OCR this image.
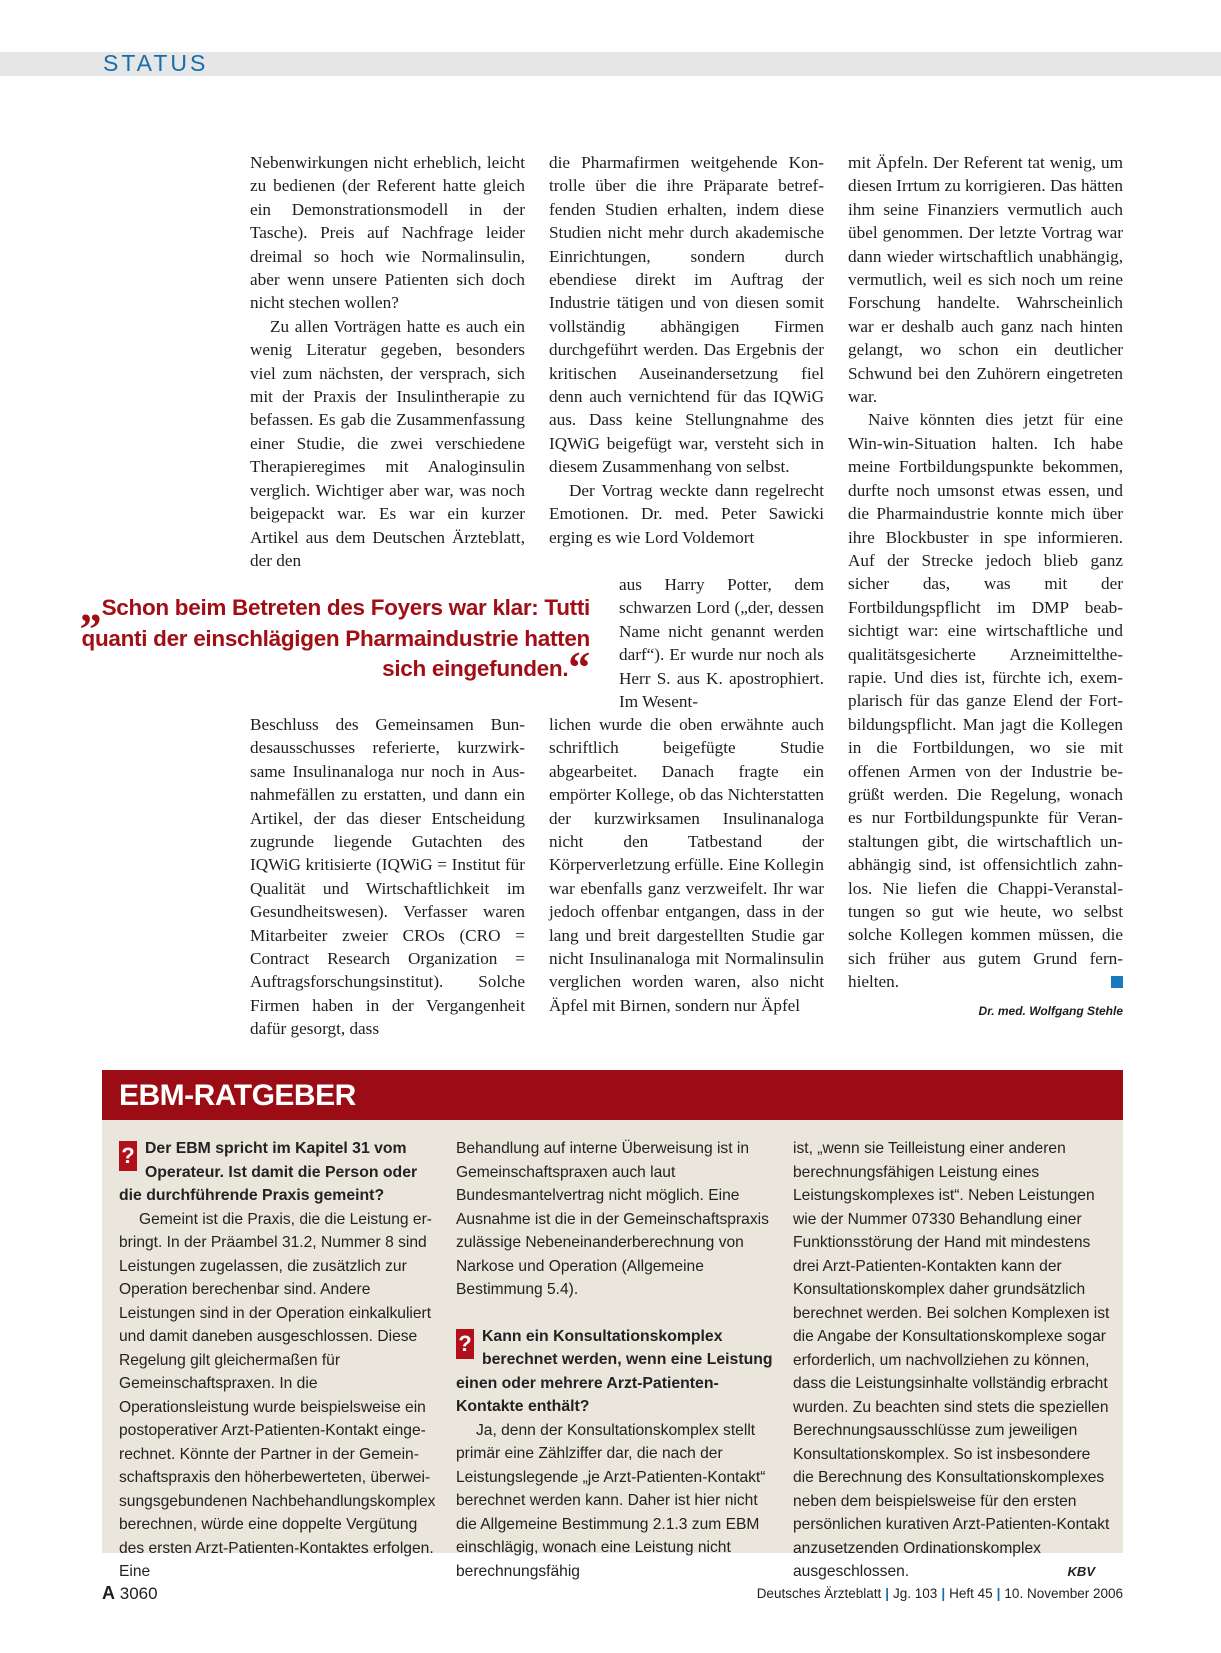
STATUS

Nebenwirkungen nicht erheblich, leicht zu bedienen (der Referent hatte gleich ein Demonstrationsmodell in der Tasche). Preis auf Nachfrage leider dreimal so hoch wie Normalinsulin, aber wenn unsere Patienten sich doch nicht stechen wollen?

Zu allen Vorträgen hatte es auch ein wenig Literatur gegeben, besonders viel zum nächsten, der versprach, sich mit der Praxis der Insulintherapie zu befassen. Es gab die Zusammenfassung einer Studie, die zwei verschiedene Therapieregimes mit Analoginsulin verglich. Wichtiger aber war, was noch beigepackt war. Es war ein kurzer Artikel aus dem Deutschen Ärzteblatt, der den

Beschluss des Gemeinsamen Bundesausschusses referierte, kurzwirksame Insulinanaloga nur noch in Ausnahmefällen zu erstatten, und dann ein Artikel, der das dieser Entscheidung zugrunde liegende Gutachten des IQWiG kritisierte (IQWiG = Institut für Qualität und Wirtschaftlichkeit im Gesundheitswesen). Verfasser waren Mitarbeiter zweier CROs (CRO = Contract Research Organization = Auftragsforschungsinstitut). Solche Firmen haben in der Vergangenheit dafür gesorgt, dass

die Pharmafirmen weitgehende Kontrolle über die ihre Präparate betreffenden Studien erhalten, indem diese Studien nicht mehr durch akademische Einrichtungen, sondern durch ebendiese direkt im Auftrag der Industrie tätigen und von diesen somit vollständig abhängigen Firmen durchgeführt werden. Das Ergebnis der kritischen Auseinandersetzung fiel denn auch vernichtend für das IQWiG aus. Dass keine Stellungnahme des IQWiG beigefügt war, versteht sich in diesem Zusammenhang von selbst.

Der Vortrag weckte dann regelrecht Emotionen. Dr. med. Peter Sawicki erging es wie Lord Voldemort

aus Harry Potter, dem schwarzen Lord („der, dessen Name nicht genannt werden darf“). Er wurde nur noch als Herr S. aus K. apostrophiert. Im Wesent-

lichen wurde die oben erwähnte auch schriftlich beigefügte Studie abgearbeitet. Danach fragte ein empörter Kollege, ob das Nichterstatten der kurzwirksamen Insulinanaloga nicht den Tatbestand der Körperverletzung erfülle. Eine Kollegin war ebenfalls ganz verzweifelt. Ihr war jedoch offenbar entgangen, dass in der lang und breit dargestellten Studie gar nicht Insulinanaloga mit Normalinsulin verglichen worden waren, also nicht Äpfel mit Birnen, sondern nur Äpfel

mit Äpfeln. Der Referent tat wenig, um diesen Irrtum zu korrigieren. Das hätten ihm seine Finanziers vermutlich auch übel genommen. Der letzte Vortrag war dann wieder wirtschaftlich unabhängig, vermutlich, weil es sich noch um reine Forschung handelte. Wahrscheinlich war er deshalb auch ganz nach hinten gelangt, wo schon ein deutlicher Schwund bei den Zuhörern eingetreten war.

Naive könnten dies jetzt für eine Win-win-Situation halten. Ich habe meine Fortbildungspunkte bekommen, durfte noch umsonst etwas essen, und die Pharmaindustrie konnte mich über ihre Blockbuster in spe informieren. Auf der Strecke jedoch blieb ganz sicher das, was mit der Fortbildungspflicht im DMP beabsichtigt war: eine wirtschaftliche und qualitätsgesicherte Arzneimitteltherapie. Und dies ist, fürchte ich, exemplarisch für das ganze Elend der Fortbildungspflicht. Man jagt die Kollegen in die Fortbildungen, wo sie mit offenen Armen von der Industrie begrüßt werden. Die Regelung, wonach es nur Fortbildungspunkte für Veranstaltungen gibt, die wirtschaftlich unabhängig sind, ist offensichtlich zahnlos. Nie liefen die Chappi-Veranstaltungen so gut wie heute, wo selbst solche Kollegen kommen müssen, die sich früher aus gutem Grund fernhielten.

Dr. med. Wolfgang Stehle

„Schon beim Betreten des Foyers war klar: Tutti quanti der einschlägigen Pharmaindustrie hatten sich eingefunden.“
EBM-RATGEBER

? Der EBM spricht im Kapitel 31 vom Operateur. Ist damit die Person oder die durchführende Praxis gemeint?

Gemeint ist die Praxis, die die Leistung erbringt. In der Präambel 31.2, Nummer 8 sind Leistungen zugelassen, die zusätzlich zur Operation berechenbar sind. Andere Leistungen sind in der Operation einkalkuliert und damit daneben ausgeschlossen. Diese Regelung gilt gleichermaßen für Gemeinschaftspraxen. In die Operationsleistung wurde beispielsweise ein postoperativer Arzt-Patienten-Kontakt eingerechnet. Könnte der Partner in der Gemeinschaftspraxis den höherbewerteten, überweisungsgebundenen Nachbehandlungskomplex berechnen, würde eine doppelte Vergütung des ersten Arzt-Patienten-Kontaktes erfolgen. Eine

Behandlung auf interne Überweisung ist in Gemeinschaftspraxen auch laut Bundesmantelvertrag nicht möglich. Eine Ausnahme ist die in der Gemeinschaftspraxis zulässige Nebeneinanderberechnung von Narkose und Operation (Allgemeine Bestimmung 5.4).

? Kann ein Konsultationskomplex berechnet werden, wenn eine Leistung einen oder mehrere Arzt-Patienten-Kontakte enthält?

Ja, denn der Konsultationskomplex stellt primär eine Zählziffer dar, die nach der Leistungslegende „je Arzt-Patienten-Kontakt“ berechnet werden kann. Daher ist hier nicht die Allgemeine Bestimmung 2.1.3 zum EBM einschlägig, wonach eine Leistung nicht berechnungsfähig

ist, „wenn sie Teilleistung einer anderen berechnungsfähigen Leistung eines Leistungskomplexes ist“. Neben Leistungen wie der Nummer 07330 Behandlung einer Funktionsstörung der Hand mit mindestens drei Arzt-Patienten-Kontakten kann der Konsultationskomplex daher grundsätzlich berechnet werden. Bei solchen Komplexen ist die Angabe der Konsultationskomplexe sogar erforderlich, um nachvollziehen zu können, dass die Leistungsinhalte vollständig erbracht wurden. Zu beachten sind stets die speziellen Berechnungsausschlüsse zum jeweiligen Konsultationskomplex. So ist insbesondere die Berechnung des Konsultationskomplexes neben dem beispielsweise für den ersten persönlichen kurativen Arzt-Patienten-Kontakt anzusetzenden Ordinationskomplex ausgeschlossen.	KBV

A 3060	Deutsches Ärzteblatt | Jg. 103 | Heft 45 | 10. November 2006
